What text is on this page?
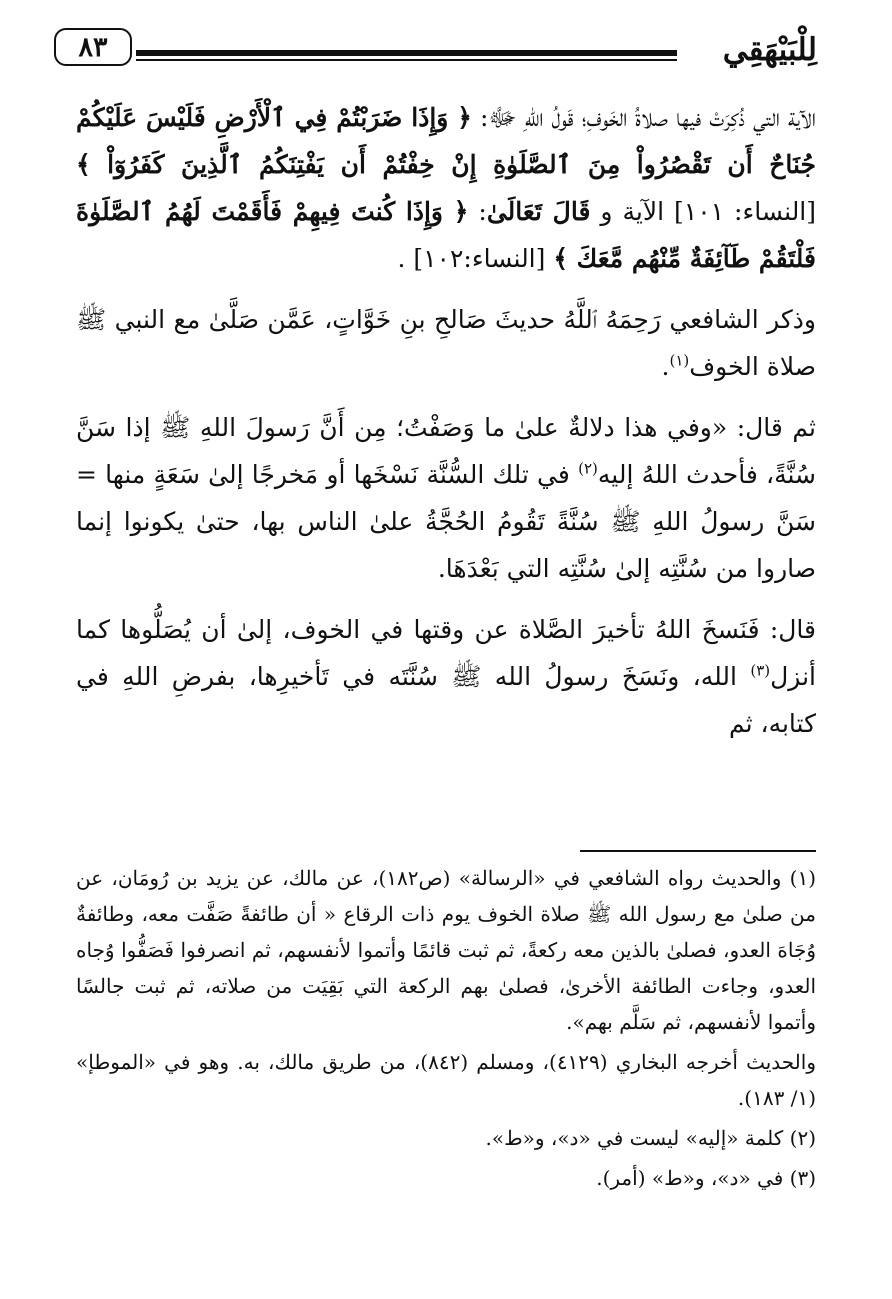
لِلْبَيْهَقِي
٨٣

الآية التي ذُكِرَتْ فيها صلاةُ الخَوفِ؛ قَولُ اللهِ ﷻ: ﴿ وَإِذَا ضَرَبْتُمْ فِي ٱلْأَرْضِ فَلَيْسَ عَلَيْكُمْ جُنَاحٌ أَن تَقْصُرُواْ مِنَ ٱلصَّلَوٰةِ إِنْ خِفْتُمْ أَن يَفْتِنَكُمُ ٱلَّذِينَ كَفَرُوٓاْ ﴾ [النساء: ١٠١] الآية و قَالَ تَعَالَىٰ: ﴿ وَإِذَا كُنتَ فِيهِمْ فَأَقَمْتَ لَهُمُ ٱلصَّلَوٰةَ فَلْتَقُمْ طَآئِفَةٌ مِّنْهُم مَّعَكَ ﴾ [النساء:١٠٢] .

وذكر الشافعي رَحِمَهُ ٱللَّهُ حديثَ صَالحِ بنِ خَوَّاتٍ، عَمَّن صَلَّىٰ مع النبي ﷺ صلاة الخوف$^{(١)}$.

ثم قال: «وفي هذا دلالةٌ علىٰ ما وَصَفْتُ؛ مِن أَنَّ رَسولَ اللهِ ﷺ إذا سَنَّ سُنَّةً، فأحدث اللهُ إليه$^{(٢)}$ في تلك السُّنَّة نَسْخَها أو مَخرجًا إلىٰ سَعَةٍ منها = سَنَّ رسولُ اللهِ ﷺ سُنَّةً تَقُومُ الحُجَّةُ علىٰ الناس بها، حتىٰ يكونوا إنما صاروا من سُنَّتِه إلىٰ سُنَّتِه التي بَعْدَهَا.

قال: فَنَسخَ اللهُ تأخيرَ الصَّلاة عن وقتها في الخوف، إلىٰ أن يُصَلُّوها كما أنزل$^{(٣)}$ الله، ونَسَخَ رسولُ الله ﷺ سُنَّتَه في تَأخيرِها، بفرضِ اللهِ في كتابه، ثم

(١) والحديث رواه الشافعي في «الرسالة» (ص١٨٢)، عن مالك، عن يزيد بن رُومَان، عن من صلىٰ مع رسول الله ﷺ صلاة الخوف يوم ذات الرقاع « أن طائفةً صَفَّت معه، وطائفةٌ وُجَاهَ العدو، فصلىٰ بالذين معه ركعةً، ثم ثبت قائمًا وأتموا لأنفسهم، ثم انصرفوا فَصَفُّوا وُجاه العدو، وجاءت الطائفة الأخرىٰ، فصلىٰ بهم الركعة التي بَقِيَت من صلاته، ثم ثبت جالسًا وأتموا لأنفسهم، ثم سَلَّم بهم».

والحديث أخرجه البخاري (٤١٢٩)، ومسلم (٨٤٢)، من طريق مالك، به. وهو في «الموطإ» (١/ ١٨٣).

(٢) كلمة «إليه» ليست في «د»، و«ط».

(٣) في «د»، و«ط» (أمر).
